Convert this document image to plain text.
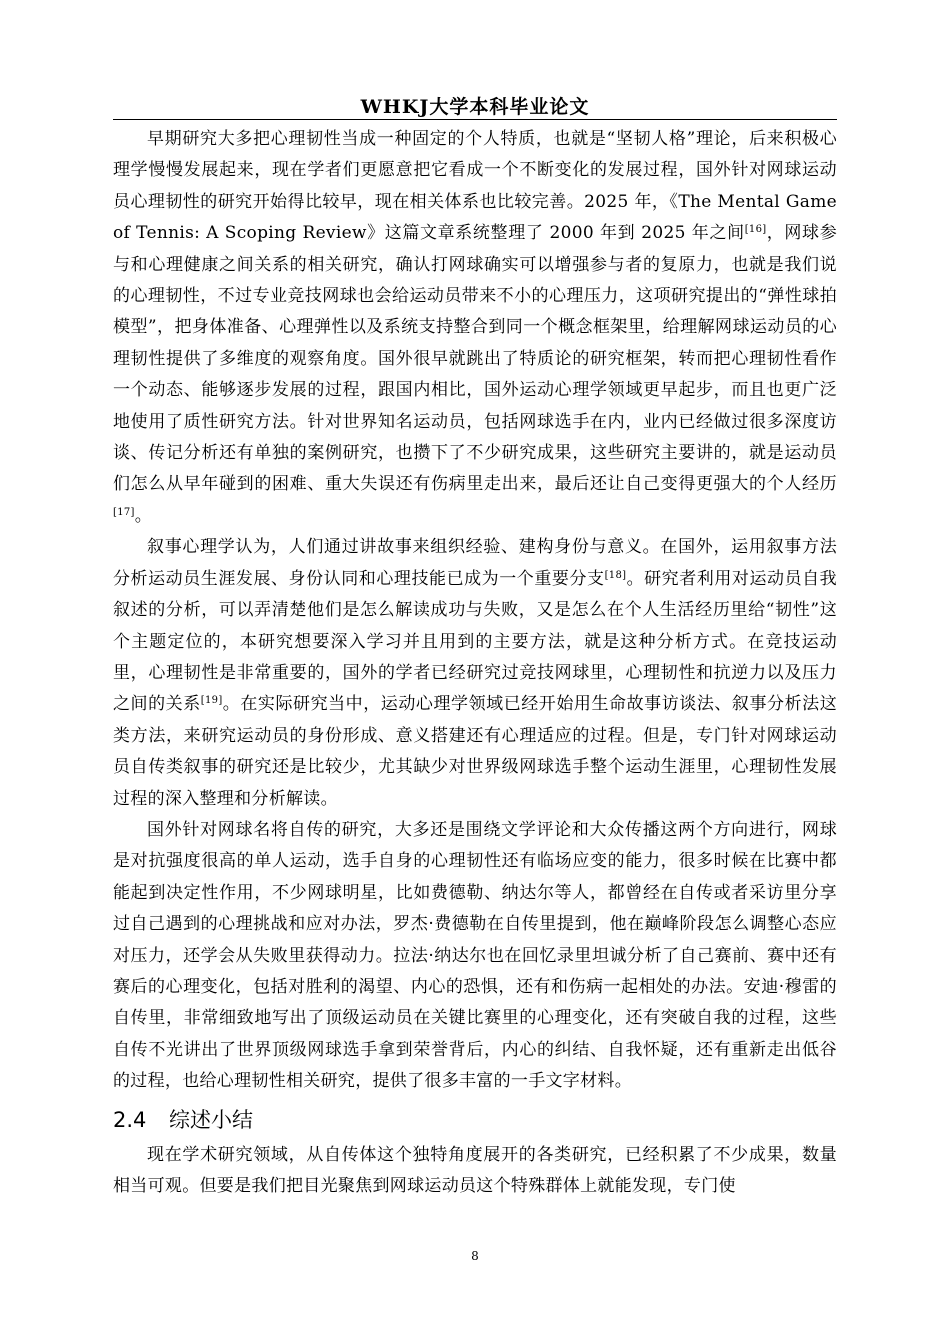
WHKJ大学本科毕业论文

早期研究大多把心理韧性当成一种固定的个人特质，也就是“坚韧人格”理论，后来积极心理学慢慢发展起来，现在学者们更愿意把它看成一个不断变化的发展过程，国外针对网球运动员心理韧性的研究开始得比较早，现在相关体系也比较完善。2025 年，《The Mental Game of Tennis: A Scoping Review》这篇文章系统整理了 2000 年到 2025 年之间[16]，网球参与和心理健康之间关系的相关研究，确认打网球确实可以增强参与者的复原力，也就是我们说的心理韧性，不过专业竞技网球也会给运动员带来不小的心理压力，这项研究提出的“弹性球拍模型”，把身体准备、心理弹性以及系统支持整合到同一个概念框架里，给理解网球运动员的心理韧性提供了多维度的观察角度。国外很早就跳出了特质论的研究框架，转而把心理韧性看作一个动态、能够逐步发展的过程，跟国内相比，国外运动心理学领域更早起步，而且也更广泛地使用了质性研究方法。针对世界知名运动员，包括网球选手在内，业内已经做过很多深度访谈、传记分析还有单独的案例研究，也攒下了不少研究成果，这些研究主要讲的，就是运动员们怎么从早年碰到的困难、重大失误还有伤病里走出来，最后还让自己变得更强大的个人经历[17]。

叙事心理学认为，人们通过讲故事来组织经验、建构身份与意义。在国外，运用叙事方法分析运动员生涯发展、身份认同和心理技能已成为一个重要分支[18]。研究者利用对运动员自我叙述的分析，可以弄清楚他们是怎么解读成功与失败，又是怎么在个人生活经历里给“韧性”这个主题定位的，本研究想要深入学习并且用到的主要方法，就是这种分析方式。在竞技运动里，心理韧性是非常重要的，国外的学者已经研究过竞技网球里，心理韧性和抗逆力以及压力之间的关系[19]。在实际研究当中，运动心理学领域已经开始用生命故事访谈法、叙事分析法这类方法，来研究运动员的身份形成、意义搭建还有心理适应的过程。但是，专门针对网球运动员自传类叙事的研究还是比较少，尤其缺少对世界级网球选手整个运动生涯里，心理韧性发展过程的深入整理和分析解读。

国外针对网球名将自传的研究，大多还是围绕文学评论和大众传播这两个方向进行，网球是对抗强度很高的单人运动，选手自身的心理韧性还有临场应变的能力，很多时候在比赛中都能起到决定性作用，不少网球明星，比如费德勒、纳达尔等人，都曾经在自传或者采访里分享过自己遇到的心理挑战和应对办法，罗杰·费德勒在自传里提到，他在巅峰阶段怎么调整心态应对压力，还学会从失败里获得动力。拉法·纳达尔也在回忆录里坦诚分析了自己赛前、赛中还有赛后的心理变化，包括对胜利的渴望、内心的恐惧，还有和伤病一起相处的办法。安迪·穆雷的自传里，非常细致地写出了顶级运动员在关键比赛里的心理变化，还有突破自我的过程，这些自传不光讲出了世界顶级网球选手拿到荣誉背后，内心的纠结、自我怀疑，还有重新走出低谷的过程，也给心理韧性相关研究，提供了很多丰富的一手文字材料。

2.4 综述小结

现在学术研究领域，从自传体这个独特角度展开的各类研究，已经积累了不少成果，数量相当可观。但要是我们把目光聚焦到网球运动员这个特殊群体上就能发现，专门使

8
